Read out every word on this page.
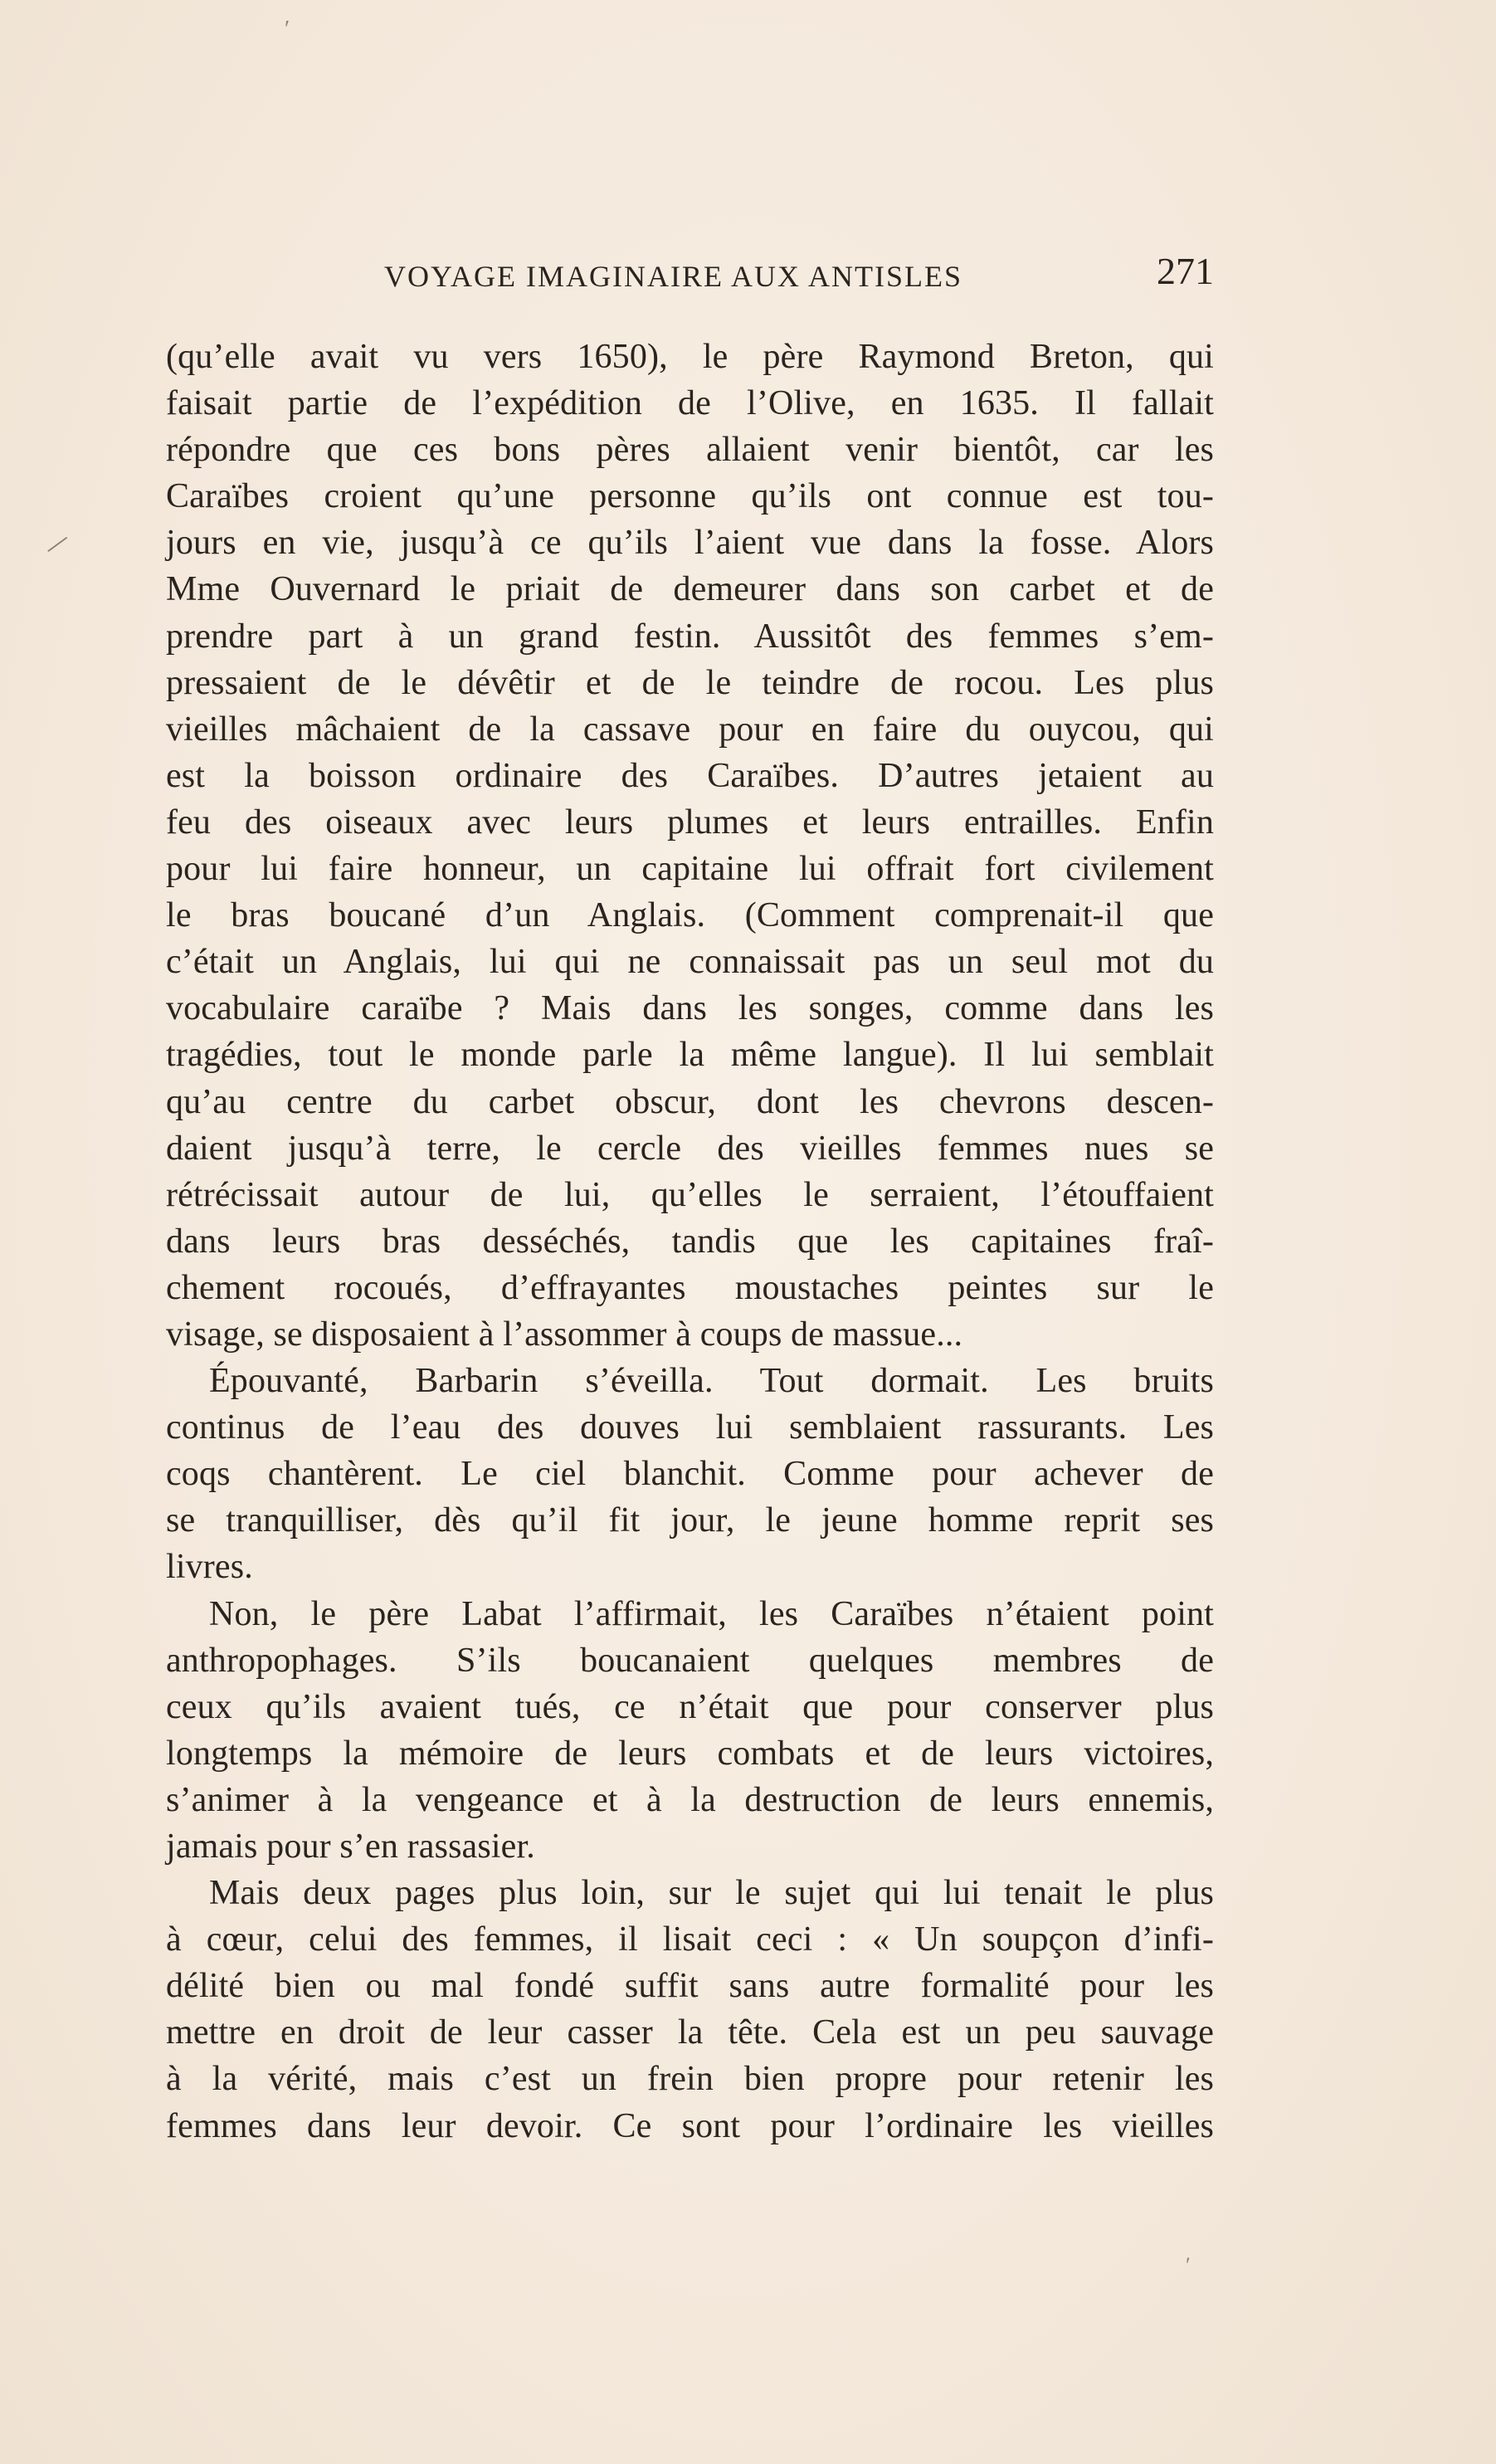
′
/
′
VOYAGE IMAGINAIRE AUX ANTISLES	271
(qu’elle avait vu vers 1650), le père Raymond Breton, qui
faisait partie de l’expédition de l’Olive, en 1635. Il fallait
répondre que ces bons pères allaient venir bientôt, car les
Caraïbes croient qu’une personne qu’ils ont connue est tou-
jours en vie, jusqu’à ce qu’ils l’aient vue dans la fosse. Alors
Mme Ouvernard le priait de demeurer dans son carbet et de
prendre part à un grand festin. Aussitôt des femmes s’em-
pressaient de le dévêtir et de le teindre de rocou. Les plus
vieilles mâchaient de la cassave pour en faire du ouycou, qui
est la boisson ordinaire des Caraïbes. D’autres jetaient au
feu des oiseaux avec leurs plumes et leurs entrailles. Enfin
pour lui faire honneur, un capitaine lui offrait fort civilement
le bras boucané d’un Anglais. (Comment comprenait-il que
c’était un Anglais, lui qui ne connaissait pas un seul mot du
vocabulaire caraïbe ? Mais dans les songes, comme dans les
tragédies, tout le monde parle la même langue). Il lui semblait
qu’au centre du carbet obscur, dont les chevrons descen-
daient jusqu’à terre, le cercle des vieilles femmes nues se
rétrécissait autour de lui, qu’elles le serraient, l’étouffaient
dans leurs bras desséchés, tandis que les capitaines fraî-
chement rocoués, d’effrayantes moustaches peintes sur le
visage, se disposaient à l’assommer à coups de massue...
Épouvanté, Barbarin s’éveilla. Tout dormait. Les bruits
continus de l’eau des douves lui semblaient rassurants. Les
coqs chantèrent. Le ciel blanchit. Comme pour achever de
se tranquilliser, dès qu’il fit jour, le jeune homme reprit ses
livres.
Non, le père Labat l’affirmait, les Caraïbes n’étaient point
anthropophages. S’ils boucanaient quelques membres de
ceux qu’ils avaient tués, ce n’était que pour conserver plus
longtemps la mémoire de leurs combats et de leurs victoires,
s’animer à la vengeance et à la destruction de leurs ennemis,
jamais pour s’en rassasier.
Mais deux pages plus loin, sur le sujet qui lui tenait le plus
à cœur, celui des femmes, il lisait ceci : « Un soupçon d’infi-
délité bien ou mal fondé suffit sans autre formalité pour les
mettre en droit de leur casser la tête. Cela est un peu sauvage
à la vérité, mais c’est un frein bien propre pour retenir les
femmes dans leur devoir. Ce sont pour l’ordinaire les vieilles
